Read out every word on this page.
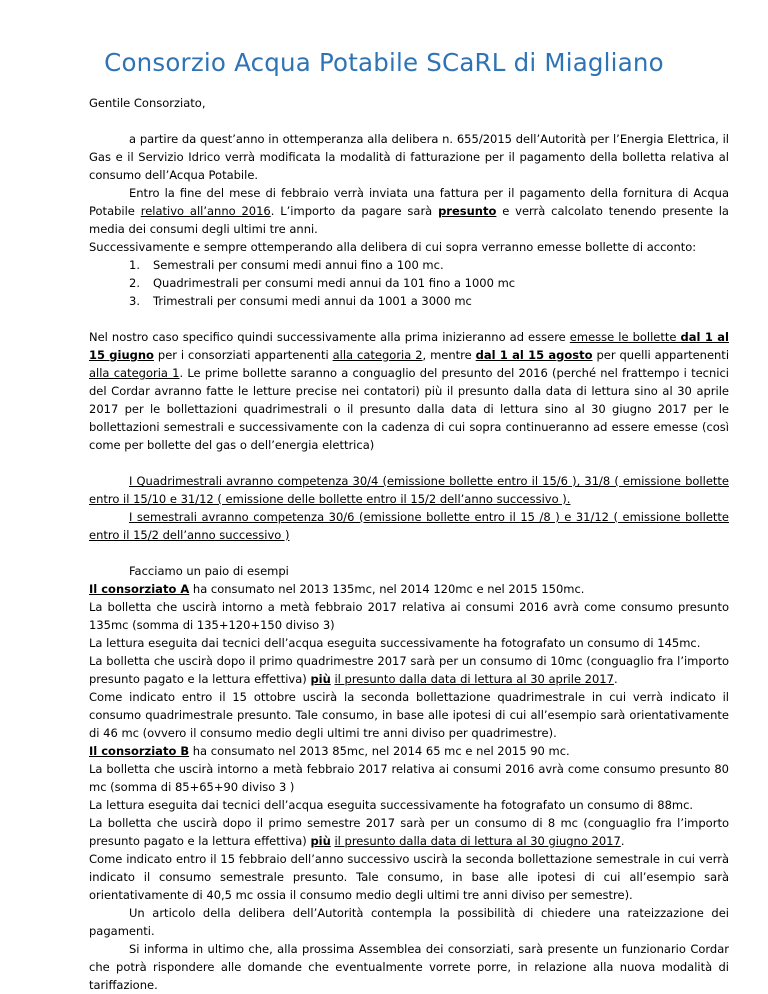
Consorzio Acqua Potabile SCaRL di Miagliano

Gentile Consorziato,

a partire da quest’anno in ottemperanza alla delibera n. 655/2015 dell’Autorità per l’Energia Elettrica, il Gas e il Servizio Idrico verrà modificata la modalità di fatturazione per il pagamento della bolletta relativa al consumo dell’Acqua Potabile.

Entro la fine del mese di febbraio verrà inviata una fattura per il pagamento della fornitura di Acqua Potabile relativo all’anno 2016. L’importo da pagare sarà presunto e verrà calcolato tenendo presente la media dei consumi degli ultimi tre anni.

Successivamente e sempre ottemperando alla delibera di cui sopra verranno emesse bollette di acconto:

1.	Semestrali per consumi medi annui fino a 100 mc.
2.	Quadrimestrali per consumi medi annui da 101 fino a 1000 mc
3.	Trimestrali per consumi medi annui da 1001 a 3000 mc

Nel nostro caso specifico quindi successivamente alla prima inizieranno ad essere emesse le bollette dal 1 al 15 giugno per i consorziati appartenenti alla categoria 2, mentre dal 1 al 15 agosto per quelli appartenenti alla categoria 1. Le prime bollette saranno a conguaglio del presunto del 2016 (perché nel frattempo i tecnici del Cordar avranno fatte le letture precise nei contatori) più il presunto dalla data di lettura sino al 30 aprile 2017 per le bollettazioni quadrimestrali o il presunto dalla data di lettura sino al 30 giugno 2017 per le bollettazioni semestrali e successivamente con la cadenza di cui sopra continueranno ad essere emesse (così come per bollette del gas o dell’energia elettrica)

I Quadrimestrali avranno competenza 30/4 (emissione bollette entro il 15/6 ), 31/8 ( emissione bollette entro il 15/10 e 31/12 ( emissione delle bollette entro il 15/2 dell’anno successivo ).

I semestrali avranno competenza 30/6 (emissione bollette entro il 15 /8 ) e 31/12 ( emissione bollette entro il 15/2 dell’anno successivo )

Facciamo un paio di esempi

Il consorziato A ha consumato nel 2013 135mc, nel 2014 120mc e nel 2015 150mc.

La bolletta che uscirà intorno a metà febbraio 2017 relativa ai consumi 2016 avrà come consumo presunto 135mc (somma di 135+120+150 diviso 3)

La lettura eseguita dai tecnici dell’acqua eseguita successivamente ha fotografato un consumo di 145mc.

La bolletta che uscirà dopo il primo quadrimestre 2017 sarà per un consumo di 10mc (conguaglio fra l’importo presunto pagato e la lettura effettiva) più il presunto dalla data di lettura al 30 aprile 2017.

Come indicato entro il 15 ottobre uscirà la seconda bollettazione quadrimestrale in cui verrà indicato il consumo quadrimestrale presunto. Tale consumo, in base alle ipotesi di cui all’esempio sarà orientativamente di 46 mc (ovvero il consumo medio degli ultimi tre anni diviso per quadrimestre).

Il consorziato B ha consumato nel 2013 85mc, nel 2014 65 mc e nel 2015 90 mc.

La bolletta che uscirà intorno a metà febbraio 2017 relativa ai consumi 2016 avrà come consumo presunto 80 mc (somma di 85+65+90 diviso 3 )

La lettura eseguita dai tecnici dell’acqua eseguita successivamente ha fotografato un consumo di 88mc.

La bolletta che uscirà dopo il primo semestre 2017 sarà per un consumo di 8 mc (conguaglio fra l’importo presunto pagato e la lettura effettiva) più il presunto dalla data di lettura al 30 giugno 2017.

Come indicato entro il 15 febbraio dell’anno successivo uscirà la seconda bollettazione semestrale in cui verrà indicato il consumo semestrale presunto. Tale consumo, in base alle ipotesi di cui all’esempio sarà orientativamente di 40,5 mc ossia il consumo medio degli ultimi tre anni diviso per semestre).

Un articolo della delibera dell’Autorità contempla la possibilità di chiedere una rateizzazione dei pagamenti.

Si informa in ultimo che, alla prossima Assemblea dei consorziati, sarà presente un funzionario Cordar che potrà rispondere alle domande che eventualmente vorrete porre, in relazione alla nuova modalità di tariffazione.
